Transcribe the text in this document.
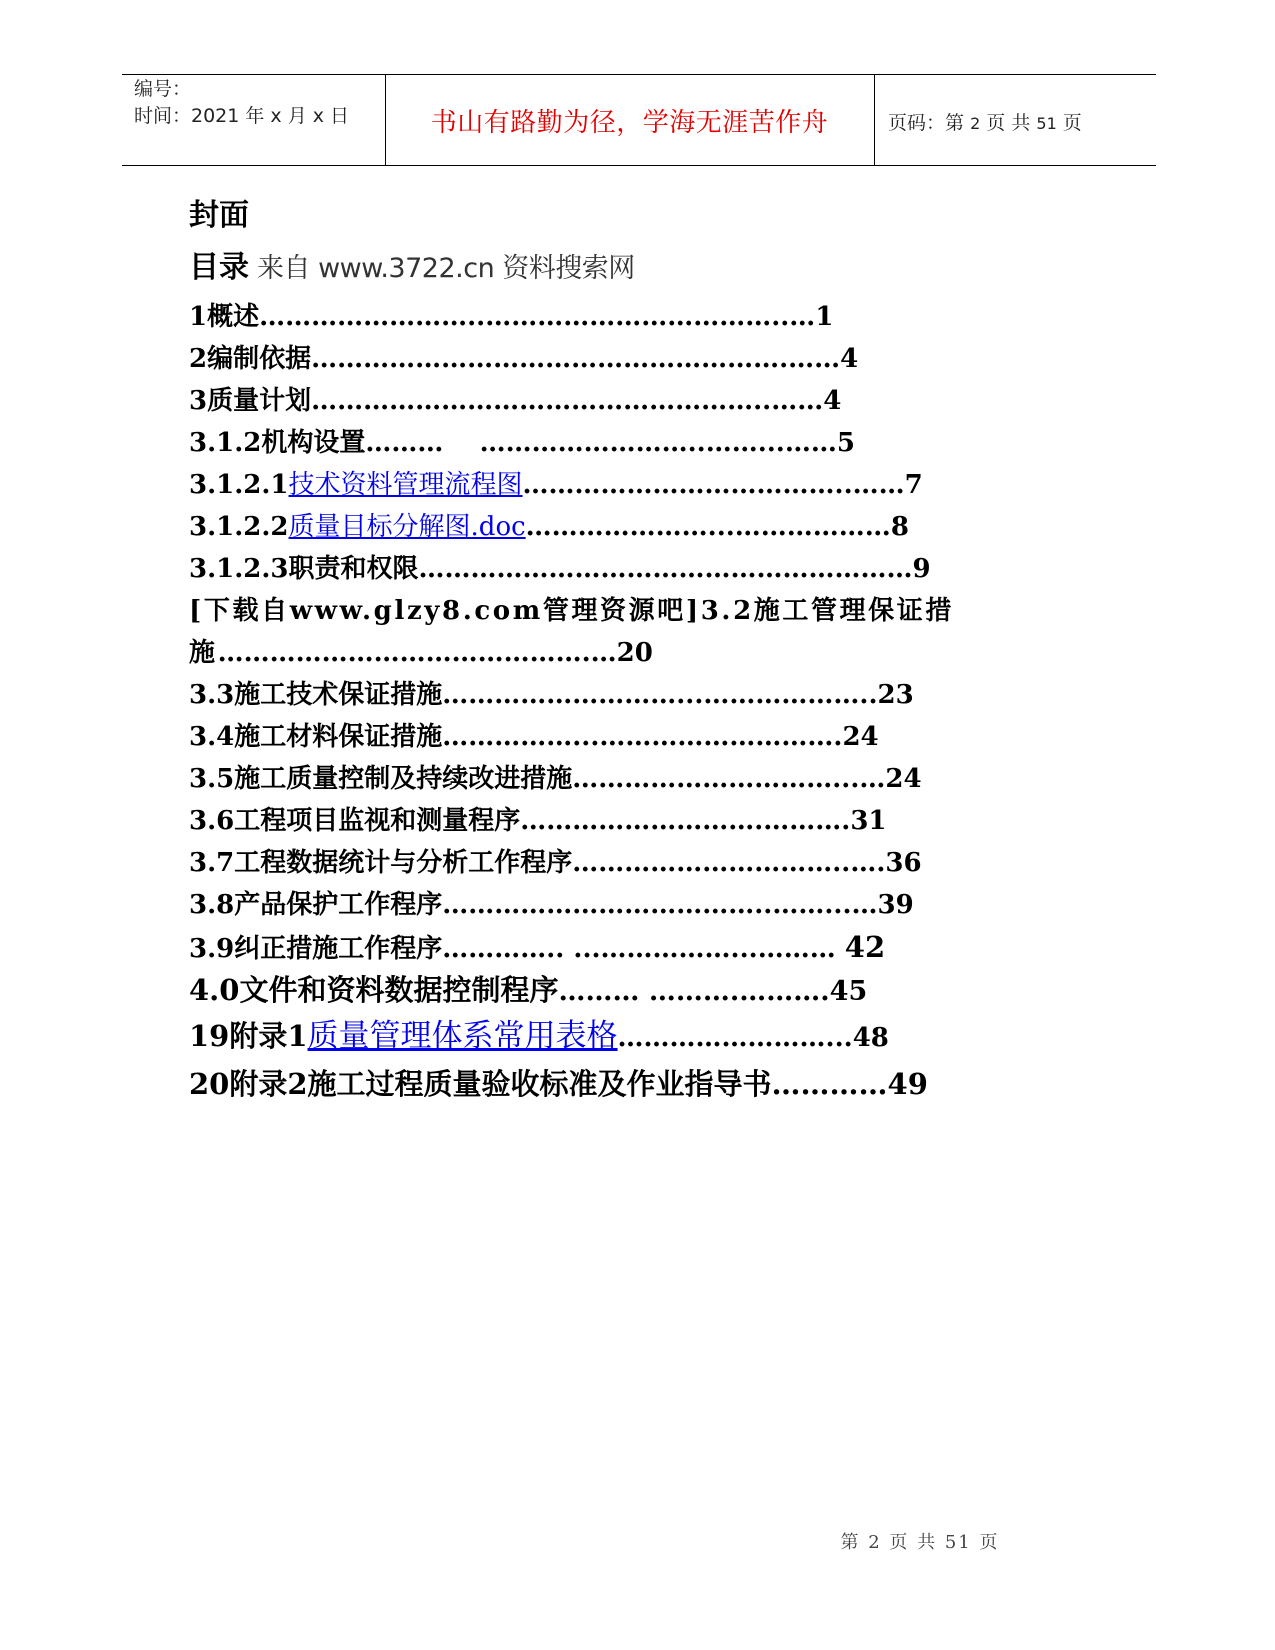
编号：
时间：2021 年 x 月 x 日	书山有路勤为径，学海无涯苦作舟	页码：第 2 页 共 51 页
封面
目录 来自 www.3722.cn 资料搜索网
1概述……………………..……………………………..…1
2编制依据……………………………………………….……4
3质量计划……………………………………………..……4
3.1.2机构设置………    ……………………..……...……5
3.1.2.1技术资料管理流程图………………………………..……7
3.1.2.2质量目标分解图.doc…………………...………………8
3.1.2.3职责和权限…………………………………………………9
[下载自www.glzy8.com管理资源吧]3.2施工管理保证措施…………………………………….…20
3.3施工技术保证措施………………………...………………..23
3.4施工材料保证措施……………...……………………….24
3.5施工质量控制及持续改进措施…………………………...…24
3.6工程项目监视和测量程序……………………….……….31
3.7工程数据统计与分析工作程序…………………………..….36
3.8产品保护工作程序………………………………..……...…39
3.9纠正措施工作程序………….. ...……………...……… 42
4.0文件和资料数据控制程序……… ……….……….45
19附录1质量管理体系常用表格……………………...48
20附录2施工过程质量验收标准及作业指导书…………49
第 2 页 共 51 页
